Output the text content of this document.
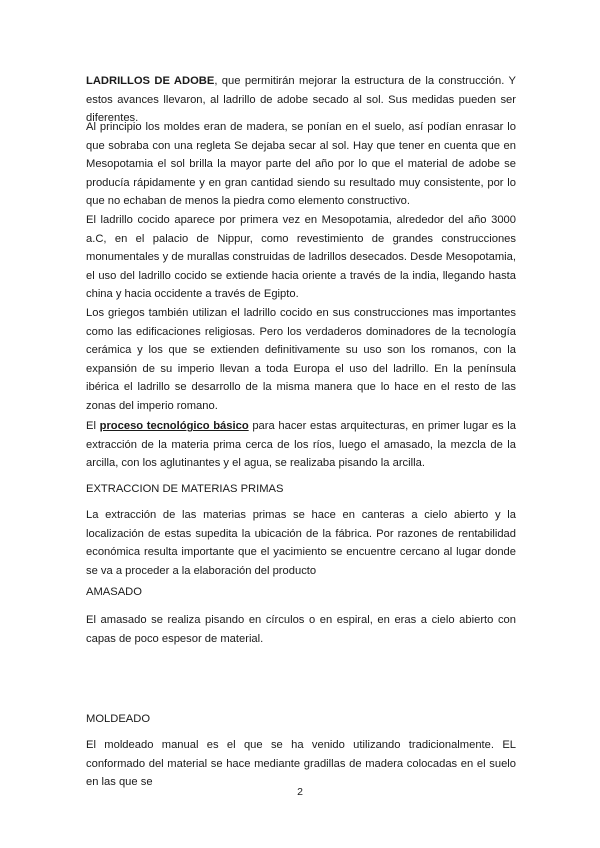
LADRILLOS DE ADOBE, que permitirán mejorar la estructura de la construcción. Y estos avances llevaron, al ladrillo de adobe secado al sol. Sus medidas pueden ser diferentes.

Al principio los moldes eran de madera, se ponían en el suelo, así podían enrasar lo que sobraba con una regleta Se dejaba secar al sol. Hay que tener en cuenta que en Mesopotamia el sol brilla la mayor parte del año por lo que el material de adobe se producía rápidamente y en gran cantidad siendo su resultado muy consistente, por lo que no echaban de menos la piedra como elemento constructivo.

El ladrillo cocido aparece por primera vez en Mesopotamia, alrededor del año 3000 a.C, en el palacio de Nippur, como revestimiento de grandes construcciones monumentales y de murallas construidas de ladrillos desecados. Desde Mesopotamia, el uso del ladrillo cocido se extiende hacia oriente a través de la india, llegando hasta china y hacia occidente a través de Egipto.

Los griegos también utilizan el ladrillo cocido en sus construcciones mas importantes como las edificaciones religiosas. Pero los verdaderos dominadores de la tecnología cerámica y los que se extienden definitivamente su uso son los romanos, con la expansión de su imperio llevan a toda Europa el uso del ladrillo. En la península ibérica el ladrillo se desarrollo de la misma manera que lo hace en el resto de las zonas del imperio romano.

El proceso tecnológico básico para hacer estas arquitecturas, en primer lugar es la extracción de la materia prima cerca de los ríos, luego el amasado, la mezcla de la arcilla, con los aglutinantes y el agua, se realizaba pisando la arcilla.

EXTRACCION DE MATERIAS PRIMAS

La extracción de las materias primas se hace en canteras a cielo abierto y la localización de estas supedita la ubicación de la fábrica. Por razones de rentabilidad económica resulta importante que el yacimiento se encuentre cercano al lugar donde se va a proceder a la elaboración del producto

AMASADO

El amasado se realiza pisando en círculos o en espiral, en eras a cielo abierto con capas de poco espesor de material.

MOLDEADO

El moldeado manual es el que se ha venido utilizando tradicionalmente. EL conformado del material se hace mediante gradillas de madera colocadas en el suelo en las que se

2
